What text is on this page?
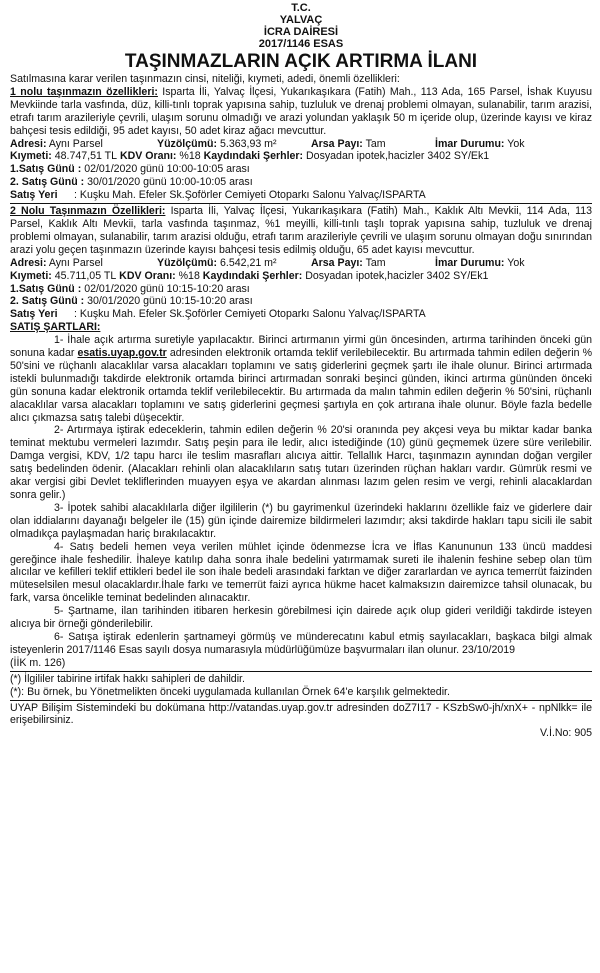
T.C.
YALVAÇ
İCRA DAİRESİ
2017/1146 ESAS
TAŞINMAZLARIN AÇIK ARTIRMA İLANI
Satılmasına karar verilen taşınmazın cinsi, niteliği, kıymeti, adedi, önemli özellikleri:
1 nolu taşınmazın özellikleri: Isparta İli, Yalvaç İlçesi, Yukarıkaşıkara (Fatih) Mah., 113 Ada, 165 Parsel, İshak Kuyusu Mevkiinde tarla vasfında, düz, killi-tınlı toprak yapısına sahip, tuzluluk ve drenaj problemi olmayan, sulanabilir, tarım arazisi, etrafı tarım arazileriyle çevrili, ulaşım sorunu olmadığı ve arazi yolundan yaklaşık 50 m içeride olup, üzerinde kayısı ve kiraz bahçesi tesis edildiği, 95 adet kayısı, 50 adet kiraz ağacı mevcuttur.
Adresi: Aynı Parsel	Yüzölçümü: 5.363,93 m²	Arsa Payı: Tam	İmar Durumu: Yok
Kıymeti: 48.747,51 TL
KDV Oranı:
%18
Kaydındaki Şerhler:
Dosyadan ipotek,hacizler 3402 SY/Ek1
1.Satış Günü :
02/01/2020 günü 10:00-10:05 arası
2. Satış Günü :
30/01/2020 günü 10:00-10:05 arası
Satış Yeri	: Kuşku Mah. Efeler Sk.Şoförler Cemiyeti Otoparkı Salonu Yalvaç/ISPARTA
2 Nolu Taşınmazın Özellikleri: Isparta İli, Yalvaç İlçesi, Yukarıkaşıkara (Fatih) Mah., Kaklık Altı Mevkii, 114 Ada, 113 Parsel, Kaklık Altı Mevkii, tarla vasfında taşınmaz, %1 meyilli, killi-tınlı taşlı toprak yapısına sahip, tuzluluk ve drenaj problemi olmayan, sulanabilir, tarım arazisi olduğu, etrafı tarım arazileriyle çevrili ve ulaşım sorunu olmayan doğu sınırından arazi yolu geçen taşınmazın üzerinde kayısı bahçesi tesis edilmiş olduğu, 65 adet kayısı mevcuttur.
Adresi: Aynı Parsel	Yüzölçümü: 6.542,21 m²	Arsa Payı: Tam	İmar Durumu: Yok
Kıymeti: 45.711,05 TL
KDV Oranı:
%18
Kaydındaki Şerhler:
Dosyadan ipotek,hacizler 3402 SY/Ek1
1.Satış Günü :
02/01/2020 günü 10:15-10:20 arası
2. Satış Günü :
30/01/2020 günü 10:15-10:20 arası
Satış Yeri	: Kuşku Mah. Efeler Sk.Şoförler Cemiyeti Otoparkı Salonu Yalvaç/ISPARTA
SATIŞ ŞARTLARI:
1- İhale açık artırma suretiyle yapılacaktır. Birinci artırmanın yirmi gün öncesinden, artırma tarihinden önceki gün sonuna kadar esatis.uyap.gov.tr adresinden elektronik ortamda teklif verilebilecektir. Bu artırmada tahmin edilen değerin % 50'sini ve rüçhanlı alacaklılar varsa alacakları toplamını ve satış giderlerini geçmek şartı ile ihale olunur. Birinci artırmada istekli bulunmadığı takdirde elektronik ortamda birinci artırmadan sonraki beşinci günden, ikinci artırma gününden önceki gün sonuna kadar elektronik ortamda teklif verilebilecektir. Bu artırmada da malın tahmin edilen değerin % 50'sini, rüçhanlı alacaklılar varsa alacakları toplamını ve satış giderlerini geçmesi şartıyla en çok artırana ihale olunur. Böyle fazla bedelle alıcı çıkmazsa satış talebi düşecektir.
2- Artırmaya iştirak edeceklerin, tahmin edilen değerin % 20'si oranında pey akçesi veya bu miktar kadar banka teminat mektubu vermeleri lazımdır. Satış peşin para ile ledir, alıcı istediğinde (10) günü geçmemek üzere süre verilebilir. Damga vergisi, KDV, 1/2 tapu harcı ile teslim masrafları alıcıya aittir. Tellallık Harcı, taşınmazın aynından doğan vergiler satış bedelinden ödenir. (Alacakları rehinli olan alacaklıların satış tutarı üzerinden rüçhan hakları vardır. Gümrük resmi ve akar vergisi gibi Devlet tekliflerinden muayyen eşya ve akardan alınması lazım gelen resim ve vergi, rehinli alacaklardan sonra gelir.)
3- İpotek sahibi alacaklılarla diğer ilgililerin (*) bu gayrimenkul üzerindeki haklarını özellikle faiz ve giderlere dair olan iddialarını dayanağı belgeler ile (15) gün içinde dairemize bildirmeleri lazımdır; aksi takdirde hakları tapu sicili ile sabit olmadıkça paylaşmadan hariç bırakılacaktır.
4- Satış bedeli hemen veya verilen mühlet içinde ödenmezse İcra ve İflas Kanununun 133 üncü maddesi gereğince ihale feshedilir. İhaleye katılıp daha sonra ihale bedelini yatırmamak sureti ile ihalenin feshine sebep olan tüm alıcılar ve kefilleri teklif ettikleri bedel ile son ihale bedeli arasındaki farktan ve diğer zararlardan ve ayrıca temerrüt faizinden müteselsilen mesul olacaklardır.İhale farkı ve temerrüt faizi ayrıca hükme hacet kalmaksızın dairemizce tahsil olunacak, bu fark, varsa öncelikle teminat bedelinden alınacaktır.
5- Şartname, ilan tarihinden itibaren herkesin görebilmesi için dairede açık olup gideri verildiği takdirde isteyen alıcıya bir örneği gönderilebilir.
6- Satışa iştirak edenlerin şartnameyi görmüş ve münderecatını kabul etmiş sayılacakları, başkaca bilgi almak isteyenlerin 2017/1146 Esas sayılı dosya numarasıyla müdürlüğümüze başvurmaları ilan olunur. 23/10/2019
(İİK m. 126)
(*) İlgililer tabirine irtifak hakkı sahipleri de dahildir.
(*): Bu örnek, bu Yönetmelikten önceki uygulamada kullanılan Örnek 64'e karşılık gelmektedir.
UYAP Bilişim Sistemindeki bu dokümana http://vatandas.uyap.gov.tr adresinden doZ7I17 - KSzbSw0-jh/xnX+ - npNlkk= ile erişebilirsiniz.
V.İ.No: 905
